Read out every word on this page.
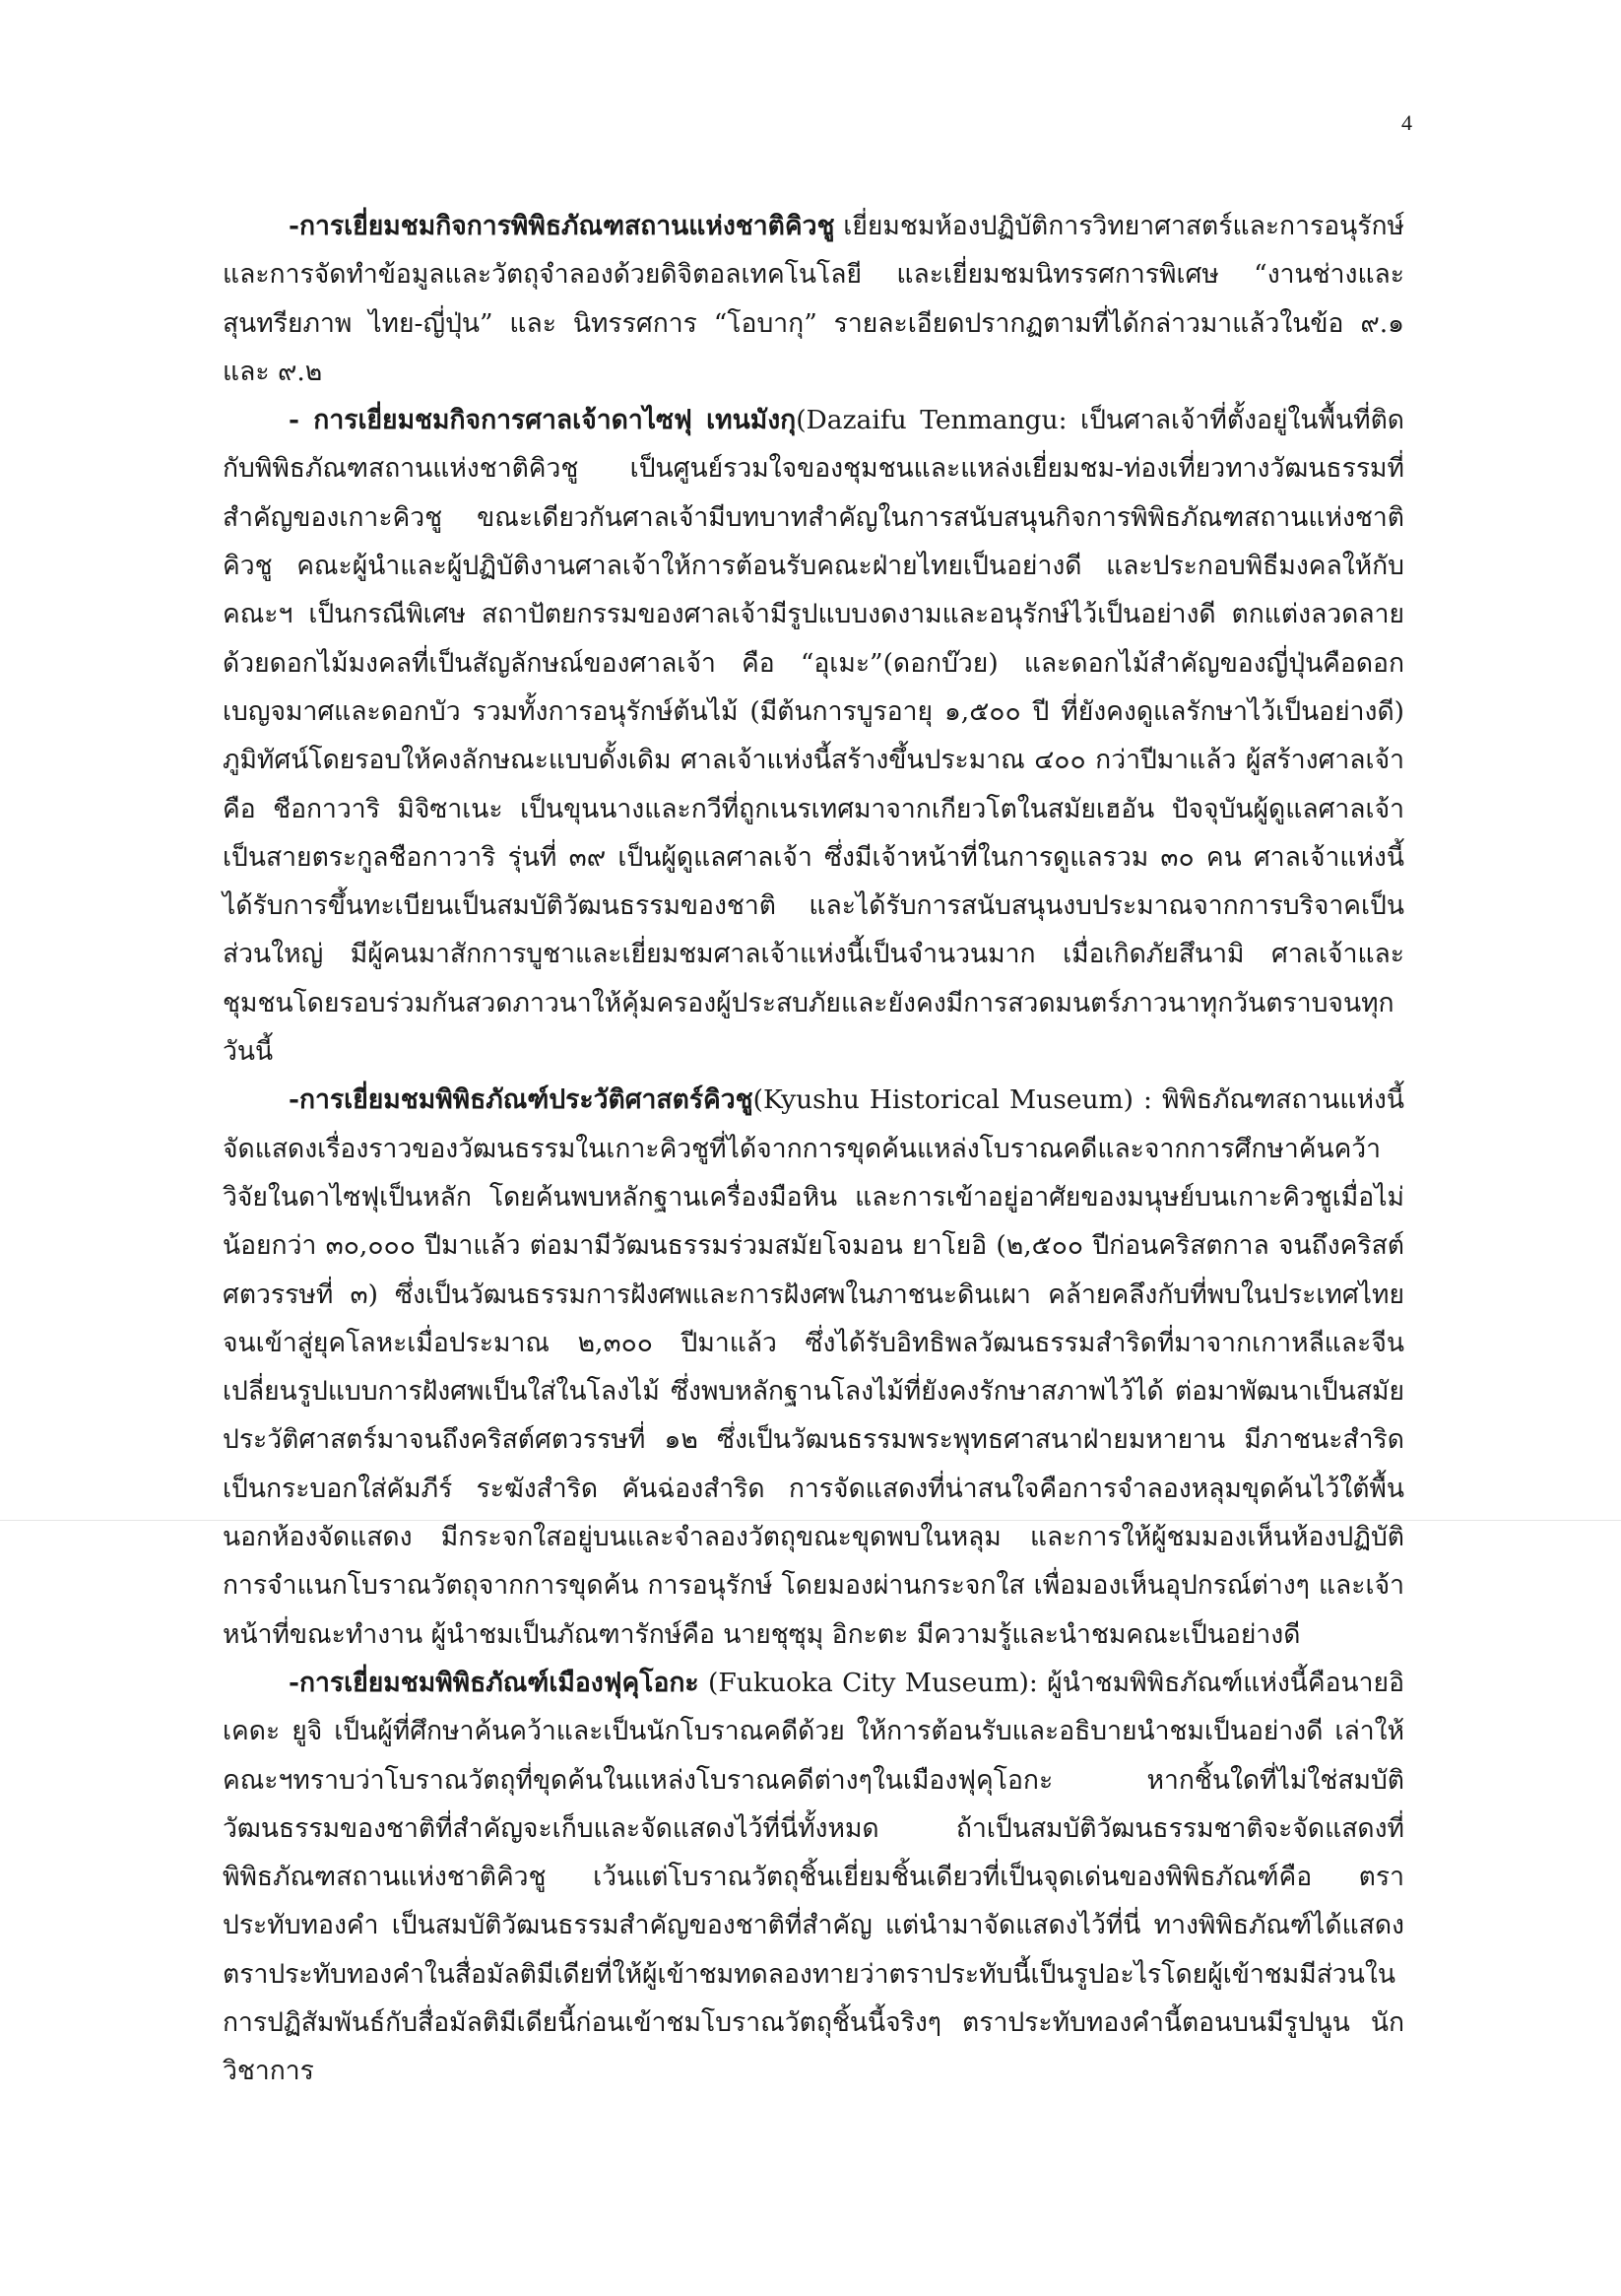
4

-การเยี่ยมชมกิจการพิพิธภัณฑสถานแห่งชาติคิวชู เยี่ยมชมห้องปฏิบัติการวิทยาศาสตร์และการอนุรักษ์ และการจัดทำข้อมูลและวัตถุจำลองด้วยดิจิตอลเทคโนโลยี และเยี่ยมชมนิทรรศการพิเศษ “งานช่างและสุนทรียภาพ ไทย-ญี่ปุ่น” และ นิทรรศการ “โอบากุ” รายละเอียดปรากฏตามที่ได้กล่าวมาแล้วในข้อ ๙.๑ และ ๙.๒

- การเยี่ยมชมกิจการศาลเจ้าดาไซฟุ เทนมังกุ(Dazaifu Tenmangu: เป็นศาลเจ้าที่ตั้งอยู่ในพื้นที่ติดกับพิพิธภัณฑสถานแห่งชาติคิวชู เป็นศูนย์รวมใจของชุมชนและแหล่งเยี่ยมชม-ท่องเที่ยวทางวัฒนธรรมที่สำคัญของเกาะคิวชู ขณะเดียวกันศาลเจ้ามีบทบาทสำคัญในการสนับสนุนกิจการพิพิธภัณฑสถานแห่งชาติคิวชู คณะผู้นำและผู้ปฏิบัติงานศาลเจ้าให้การต้อนรับคณะฝ่ายไทยเป็นอย่างดี และประกอบพิธีมงคลให้กับคณะฯ เป็นกรณีพิเศษ สถาปัตยกรรมของศาลเจ้ามีรูปแบบงดงามและอนุรักษ์ไว้เป็นอย่างดี ตกแต่งลวดลายด้วยดอกไม้มงคลที่เป็นสัญลักษณ์ของศาลเจ้า คือ “อุเมะ”(ดอกบ๊วย) และดอกไม้สำคัญของญี่ปุ่นคือดอกเบญจมาศและดอกบัว รวมทั้งการอนุรักษ์ต้นไม้ (มีต้นการบูรอายุ ๑,๕๐๐ ปี ที่ยังคงดูแลรักษาไว้เป็นอย่างดี) ภูมิทัศน์โดยรอบให้คงลักษณะแบบดั้งเดิม ศาลเจ้าแห่งนี้สร้างขึ้นประมาณ ๔๐๐ กว่าปีมาแล้ว ผู้สร้างศาลเจ้าคือ ชือกาวาริ มิจิซาเนะ เป็นขุนนางและกวีที่ถูกเนรเทศมาจากเกียวโตในสมัยเฮอัน ปัจจุบันผู้ดูแลศาลเจ้าเป็นสายตระกูลชือกาวาริ รุ่นที่ ๓๙ เป็นผู้ดูแลศาลเจ้า ซึ่งมีเจ้าหน้าที่ในการดูแลรวม ๓๐ คน ศาลเจ้าแห่งนี้ได้รับการขึ้นทะเบียนเป็นสมบัติวัฒนธรรมของชาติ และได้รับการสนับสนุนงบประมาณจากการบริจาคเป็นส่วนใหญ่ มีผู้คนมาสักการบูชาและเยี่ยมชมศาลเจ้าแห่งนี้เป็นจำนวนมาก เมื่อเกิดภัยสึนามิ ศาลเจ้าและชุมชนโดยรอบร่วมกันสวดภาวนาให้คุ้มครองผู้ประสบภัยและยังคงมีการสวดมนตร์ภาวนาทุกวันตราบจนทุกวันนี้

-การเยี่ยมชมพิพิธภัณฑ์ประวัติศาสตร์คิวชู(Kyushu Historical Museum) : พิพิธภัณฑสถานแห่งนี้จัดแสดงเรื่องราวของวัฒนธรรมในเกาะคิวชูที่ได้จากการขุดค้นแหล่งโบราณคดีและจากการศึกษาค้นคว้าวิจัยในดาไซฟุเป็นหลัก โดยค้นพบหลักฐานเครื่องมือหิน และการเข้าอยู่อาศัยของมนุษย์บนเกาะคิวชูเมื่อไม่น้อยกว่า ๓๐,๐๐๐ ปีมาแล้ว ต่อมามีวัฒนธรรมร่วมสมัยโจมอน ยาโยอิ (๒,๕๐๐ ปีก่อนคริสตกาล จนถึงคริสต์ศตวรรษที่ ๓) ซึ่งเป็นวัฒนธรรมการฝังศพและการฝังศพในภาชนะดินเผา คล้ายคลึงกับที่พบในประเทศไทย จนเข้าสู่ยุคโลหะเมื่อประมาณ ๒,๓๐๐ ปีมาแล้ว ซึ่งได้รับอิทธิพลวัฒนธรรมสำริดที่มาจากเกาหลีและจีน เปลี่ยนรูปแบบการฝังศพเป็นใส่ในโลงไม้ ซึ่งพบหลักฐานโลงไม้ที่ยังคงรักษาสภาพไว้ได้ ต่อมาพัฒนาเป็นสมัยประวัติศาสตร์มาจนถึงคริสต์ศตวรรษที่ ๑๒ ซึ่งเป็นวัฒนธรรมพระพุทธศาสนาฝ่ายมหายาน มีภาชนะสำริดเป็นกระบอกใส่คัมภีร์ ระฆังสำริด คันฉ่องสำริด การจัดแสดงที่น่าสนใจคือการจำลองหลุมขุดค้นไว้ใต้พื้นนอกห้องจัดแสดง มีกระจกใสอยู่บนและจำลองวัตถุขณะขุดพบในหลุม และการให้ผู้ชมมองเห็นห้องปฏิบัติการจำแนกโบราณวัตถุจากการขุดค้น การอนุรักษ์ โดยมองผ่านกระจกใส เพื่อมองเห็นอุปกรณ์ต่างๆ และเจ้าหน้าที่ขณะทำงาน ผู้นำชมเป็นภัณฑารักษ์คือ นายชุซุมุ อิกะตะ มีความรู้และนำชมคณะเป็นอย่างดี

-การเยี่ยมชมพิพิธภัณฑ์เมืองฟุคุโอกะ (Fukuoka City Museum): ผู้นำชมพิพิธภัณฑ์แห่งนี้คือนายอิเคดะ ยูจิ เป็นผู้ที่ศึกษาค้นคว้าและเป็นนักโบราณคดีด้วย ให้การต้อนรับและอธิบายนำชมเป็นอย่างดี เล่าให้คณะฯทราบว่าโบราณวัตถุที่ขุดค้นในแหล่งโบราณคดีต่างๆในเมืองฟุคุโอกะ หากชิ้นใดที่ไม่ใช่สมบัติวัฒนธรรมของชาติที่สำคัญจะเก็บและจัดแสดงไว้ที่นี่ทั้งหมด ถ้าเป็นสมบัติวัฒนธรรมชาติจะจัดแสดงที่พิพิธภัณฑสถานแห่งชาติคิวชู เว้นแต่โบราณวัตถุชิ้นเยี่ยมชิ้นเดียวที่เป็นจุดเด่นของพิพิธภัณฑ์คือ ตราประทับทองคำ เป็นสมบัติวัฒนธรรมสำคัญของชาติที่สำคัญ แต่นำมาจัดแสดงไว้ที่นี่ ทางพิพิธภัณฑ์ได้แสดงตราประทับทองคำในสื่อมัลติมีเดียที่ให้ผู้เข้าชมทดลองทายว่าตราประทับนี้เป็นรูปอะไรโดยผู้เข้าชมมีส่วนในการปฏิสัมพันธ์กับสื่อมัลติมีเดียนี้ก่อนเข้าชมโบราณวัตถุชิ้นนี้จริงๆ ตราประทับทองคำนี้ตอนบนมีรูปนูน นักวิชาการ
